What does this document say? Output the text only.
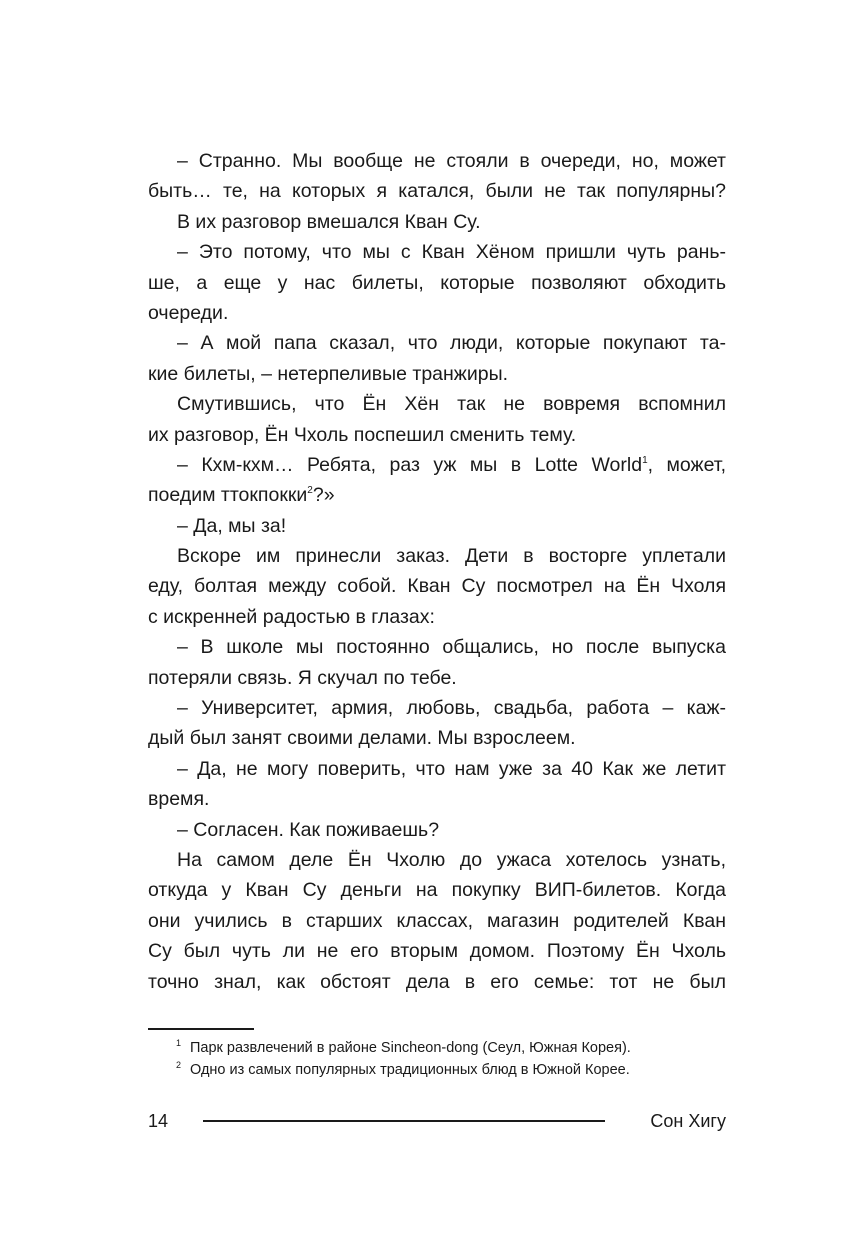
– Странно. Мы вообще не стояли в очереди, но, может
быть… те, на которых я катался, были не так популярны?
В их разговор вмешался Кван Су.
– Это потому, что мы с Кван Хёном пришли чуть рань-
ше, а еще у нас билеты, которые позволяют обходить
очереди.
– А мой папа сказал, что люди, которые покупают та-
кие билеты, – нетерпеливые транжиры.
Смутившись, что Ён Хён так не вовремя вспомнил
их разговор, Ён Чхоль поспешил сменить тему.
– Кхм-кхм… Ребята, раз уж мы в Lotte World$^1$, может,
поедим ттокпокки$^2$?»
– Да, мы за!
Вскоре им принесли заказ. Дети в восторге уплетали
еду, болтая между собой. Кван Су посмотрел на Ён Чхоля
с искренней радостью в глазах:
– В школе мы постоянно общались, но после выпуска
потеряли связь. Я скучал по тебе.
– Университет, армия, любовь, свадьба, работа – каж-
дый был занят своими делами. Мы взрослеем.
– Да, не могу поверить, что нам уже за 40 Как же летит
время.
– Согласен. Как поживаешь?
На самом деле Ён Чхолю до ужаса хотелось узнать,
откуда у Кван Су деньги на покупку ВИП-билетов. Когда
они учились в старших классах, магазин родителей Кван
Су был чуть ли не его вторым домом. Поэтому Ён Чхоль
точно знал, как обстоят дела в его семье: тот не был
1 Парк развлечений в районе Sincheon-dong (Сеул, Южная Корея).
2 Одно из самых популярных традиционных блюд в Южной Корее.
14	Сон Хигу
